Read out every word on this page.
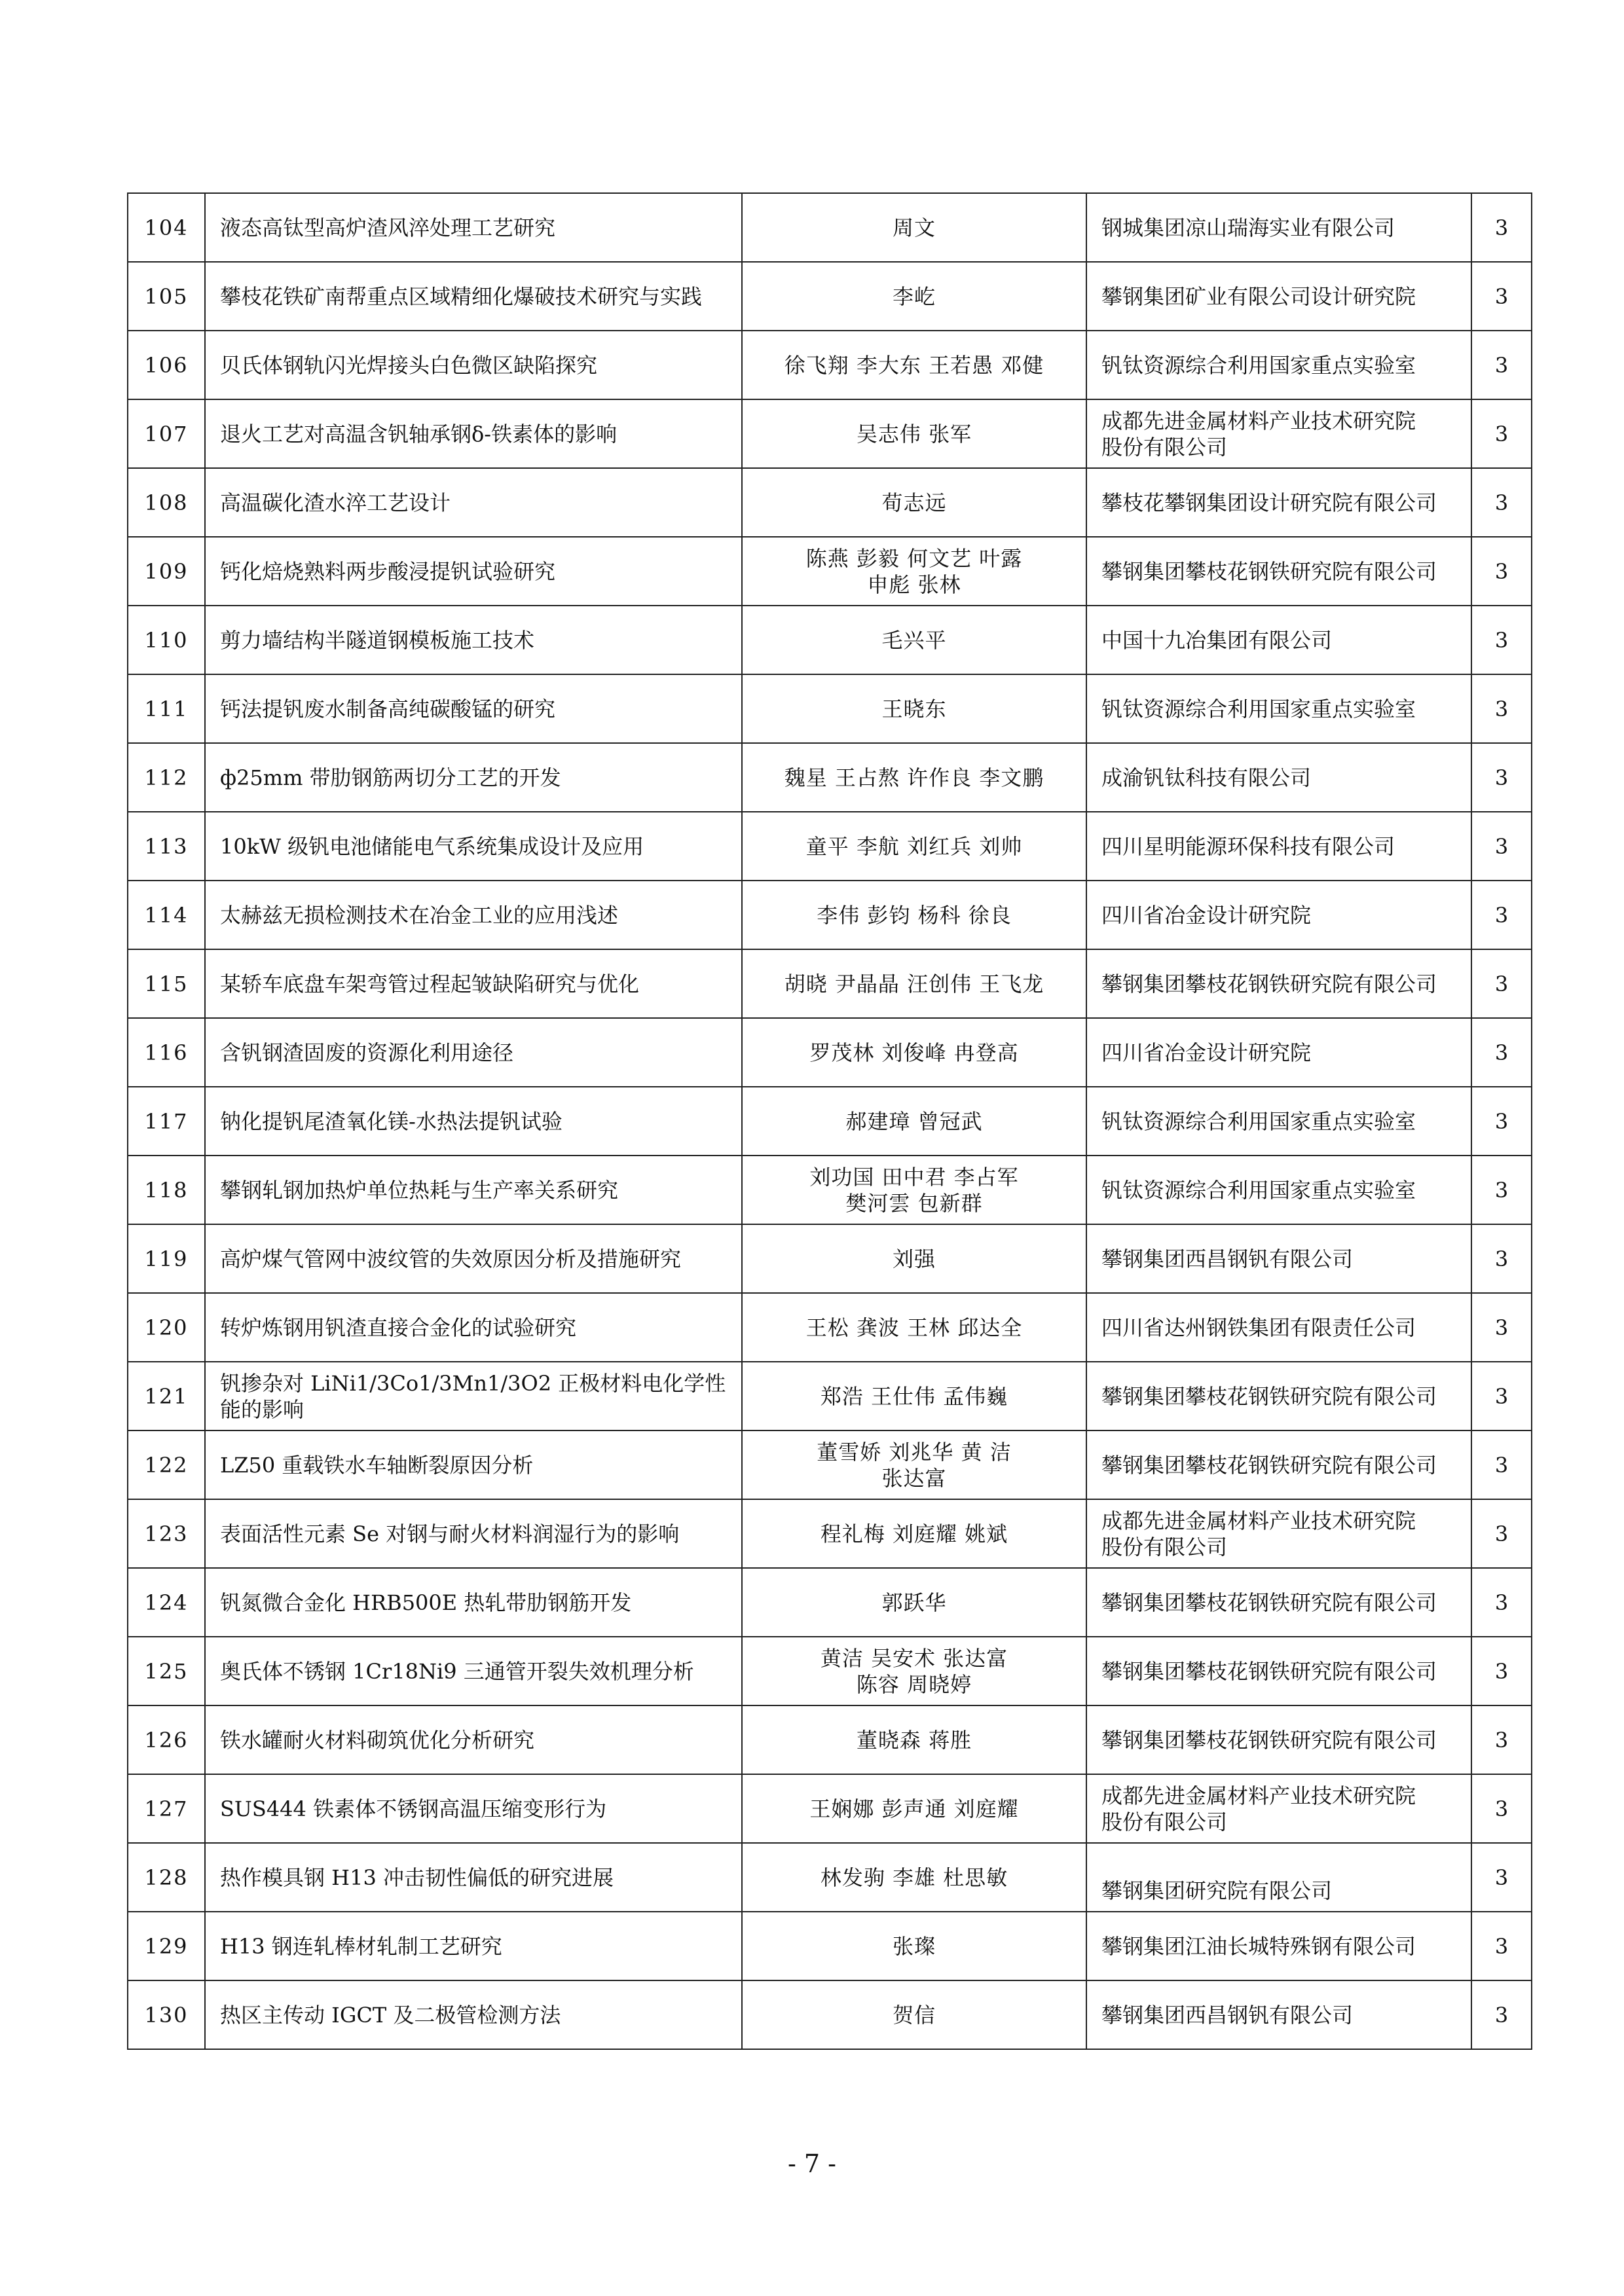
104	液态高钛型高炉渣风淬处理工艺研究	周文	钢城集团凉山瑞海实业有限公司	3
105	攀枝花铁矿南帮重点区域精细化爆破技术研究与实践	李屹	攀钢集团矿业有限公司设计研究院	3
106	贝氏体钢轨闪光焊接头白色微区缺陷探究	徐飞翔 李大东 王若愚 邓健	钒钛资源综合利用国家重点实验室	3
107	退火工艺对高温含钒轴承钢δ-铁素体的影响	吴志伟 张军	成都先进金属材料产业技术研究院
股份有限公司	3
108	高温碳化渣水淬工艺设计	荀志远	攀枝花攀钢集团设计研究院有限公司	3
109	钙化焙烧熟料两步酸浸提钒试验研究	陈燕 彭毅 何文艺 叶露
申彪 张林	攀钢集团攀枝花钢铁研究院有限公司	3
110	剪力墙结构半隧道钢模板施工技术	毛兴平	中国十九冶集团有限公司	3
111	钙法提钒废水制备高纯碳酸锰的研究	王晓东	钒钛资源综合利用国家重点实验室	3
112	ф25mm 带肋钢筋两切分工艺的开发	魏星 王占熬 许作良 李文鹏	成渝钒钛科技有限公司	3
113	10kW 级钒电池储能电气系统集成设计及应用	童平 李航 刘红兵 刘帅	四川星明能源环保科技有限公司	3
114	太赫兹无损检测技术在冶金工业的应用浅述	李伟 彭钧 杨科 徐良	四川省冶金设计研究院	3
115	某轿车底盘车架弯管过程起皱缺陷研究与优化	胡晓 尹晶晶 汪创伟 王飞龙	攀钢集团攀枝花钢铁研究院有限公司	3
116	含钒钢渣固废的资源化利用途径	罗茂林 刘俊峰 冉登高	四川省冶金设计研究院	3
117	钠化提钒尾渣氧化镁-水热法提钒试验	郝建璋 曾冠武	钒钛资源综合利用国家重点实验室	3
118	攀钢轧钢加热炉单位热耗与生产率关系研究	刘功国 田中君 李占军
樊河雲 包新群	钒钛资源综合利用国家重点实验室	3
119	高炉煤气管网中波纹管的失效原因分析及措施研究	刘强	攀钢集团西昌钢钒有限公司	3
120	转炉炼钢用钒渣直接合金化的试验研究	王松 龚波 王林 邱达全	四川省达州钢铁集团有限责任公司	3
121	钒掺杂对 LiNi1/3Co1/3Mn1/3O2 正极材料电化学性能的影响	郑浩 王仕伟 孟伟巍	攀钢集团攀枝花钢铁研究院有限公司	3
122	LZ50 重载铁水车轴断裂原因分析	董雪娇 刘兆华 黄 洁
张达富	攀钢集团攀枝花钢铁研究院有限公司	3
123	表面活性元素 Se 对钢与耐火材料润湿行为的影响	程礼梅 刘庭耀 姚斌	成都先进金属材料产业技术研究院
股份有限公司	3
124	钒氮微合金化 HRB500E 热轧带肋钢筋开发	郭跃华	攀钢集团攀枝花钢铁研究院有限公司	3
125	奥氏体不锈钢 1Cr18Ni9 三通管开裂失效机理分析	黄洁 吴安术 张达富
陈容 周晓婷	攀钢集团攀枝花钢铁研究院有限公司	3
126	铁水罐耐火材料砌筑优化分析研究	董晓森 蒋胜	攀钢集团攀枝花钢铁研究院有限公司	3
127	SUS444 铁素体不锈钢高温压缩变形行为	王娴娜 彭声通 刘庭耀	成都先进金属材料产业技术研究院
股份有限公司	3
128	热作模具钢 H13 冲击韧性偏低的研究进展	林发驹 李雄 杜思敏	攀钢集团研究院有限公司	3
129	H13 钢连轧棒材轧制工艺研究	张璨	攀钢集团江油长城特殊钢有限公司	3
130	热区主传动 IGCT 及二极管检测方法	贺信	攀钢集团西昌钢钒有限公司	3
- 7 -
